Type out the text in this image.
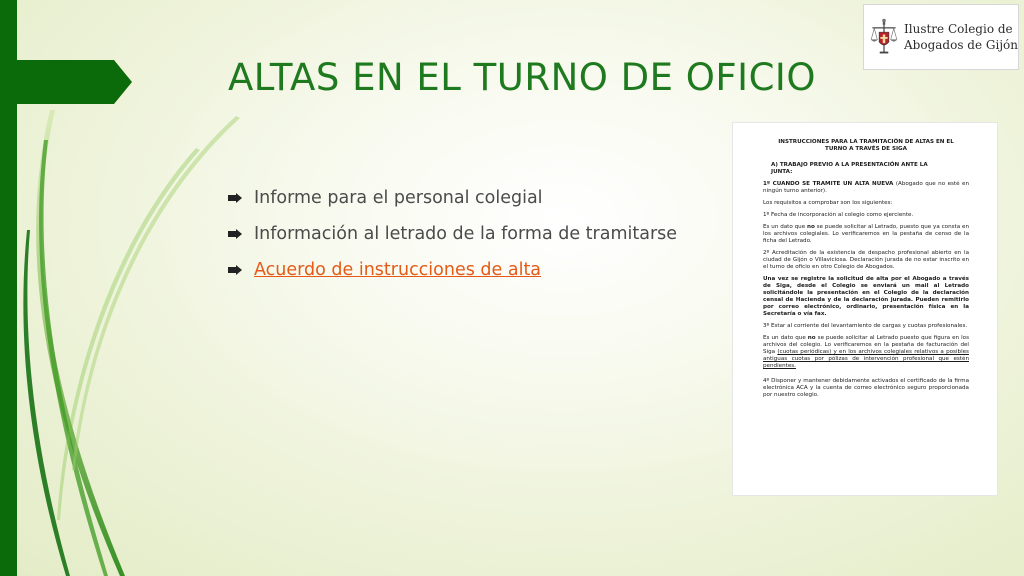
ALTAS EN EL TURNO DE OFICIO
Informe para el personal colegial
Información al letrado de la forma de tramitarse
Acuerdo de instrucciones de alta
Ilustre Colegio de
Abogados de Gijón

INSTRUCCIONES PARA LA TRAMITACIÓN DE ALTAS EN EL
TURNO A TRAVÉS DE SIGA

A) TRABAJO PREVIO A LA PRESENTACIÓN ANTE LA
JUNTA:

1º CUANDO SE TRAMITE UN ALTA NUEVA (Abogado que no esté en ningún turno anterior).

Los requisitos a comprobar son los siguientes:

1º Fecha de incorporación al colegio como ejerciente.

Es un dato que no se puede solicitar al Letrado, puesto que ya consta en los archivos colegiales. Lo verificaremos en la pestaña de censo de la ficha del Letrado.

2º Acreditación de la existencia de despacho profesional abierto en la ciudad de Gijón o Villaviciosa. Declaración jurada de no estar inscrito en el turno de oficio en otro Colegio de Abogados.

Una vez se registre la solicitud de alta por el Abogado a través de Siga, desde el Colegio se enviará un mail al Letrado solicitándole la presentación en el Colegio de la declaración censal de Hacienda y de la declaración jurada. Pueden remitirlo por correo electrónico, ordinario, presentación física en la Secretaría o vía fax.

3º Estar al corriente del levantamiento de cargas y cuotas profesionales.

Es un dato que no se puede solicitar al Letrado puesto que figura en los archivos del colegio. Lo verificaremos en la pestaña de facturación del Siga (cuotas periódicas) y en los archivos colegiales relativos a posibles antiguas cuotas por pólizas de intervención profesional que estén pendientes.

4º Disponer y mantener debidamente activados el certificado de la firma electrónica ACA y la cuenta de correo electrónico seguro proporcionada por nuestro colegio.
